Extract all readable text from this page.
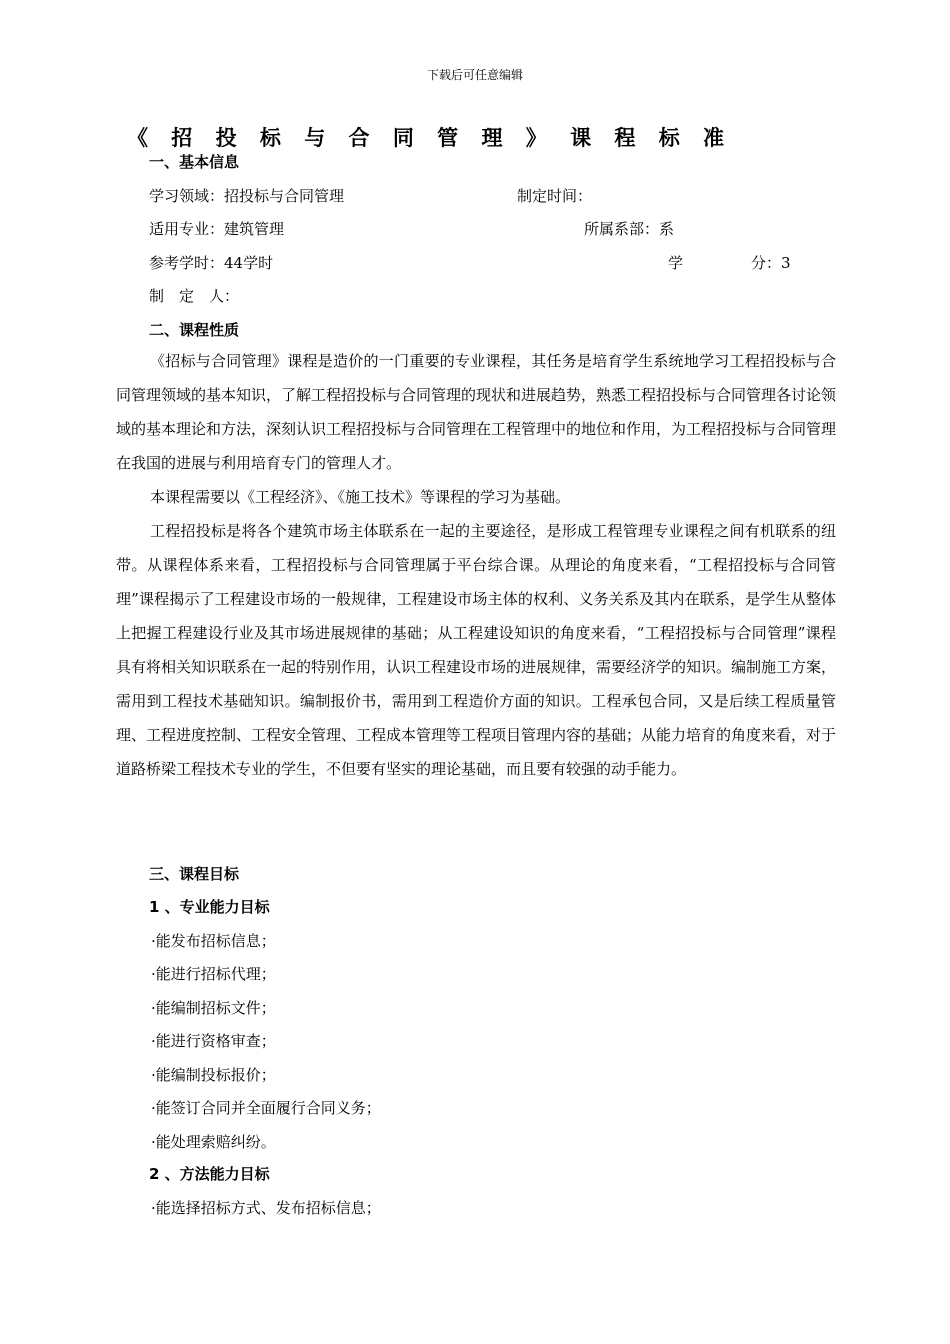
下载后可任意编辑
《 招 投 标 与 合 同 管 理 》 课 程 标 准
一、基本信息
学习领域：招投标与合同管理	制定时间：
适用专业：建筑管理	所属系部：系
参考学时：44学时	学	分：3
制　定　人：
二、课程性质

《招标与合同管理》课程是造价的一门重要的专业课程，其任务是培育学生系统地学习工程招投标与合同管理领域的基本知识，了解工程招投标与合同管理的现状和进展趋势，熟悉工程招投标与合同管理各讨论领域的基本理论和方法，深刻认识工程招投标与合同管理在工程管理中的地位和作用，为工程招投标与合同管理在我国的进展与利用培育专门的管理人才。

本课程需要以《工程经济》、《施工技术》等课程的学习为基础。

工程招投标是将各个建筑市场主体联系在一起的主要途径，是形成工程管理专业课程之间有机联系的纽带。从课程体系来看，工程招投标与合同管理属于平台综合课。从理论的角度来看，“工程招投标与合同管理”课程揭示了工程建设市场的一般规律，工程建设市场主体的权利、义务关系及其内在联系，是学生从整体上把握工程建设行业及其市场进展规律的基础；从工程建设知识的角度来看，“工程招投标与合同管理”课程具有将相关知识联系在一起的特别作用，认识工程建设市场的进展规律，需要经济学的知识。编制施工方案，需用到工程技术基础知识。编制报价书，需用到工程造价方面的知识。工程承包合同，又是后续工程质量管理、工程进度控制、工程安全管理、工程成本管理等工程项目管理内容的基础；从能力培育的角度来看，对于道路桥梁工程技术专业的学生，不但要有坚实的理论基础，而且要有较强的动手能力。

三、课程目标
1 、专业能力目标
·能发布招标信息；
·能进行招标代理；
·能编制招标文件；
·能进行资格审查；
·能编制投标报价；
·能签订合同并全面履行合同义务；
·能处理索赔纠纷。
2 、方法能力目标
·能选择招标方式、发布招标信息；
